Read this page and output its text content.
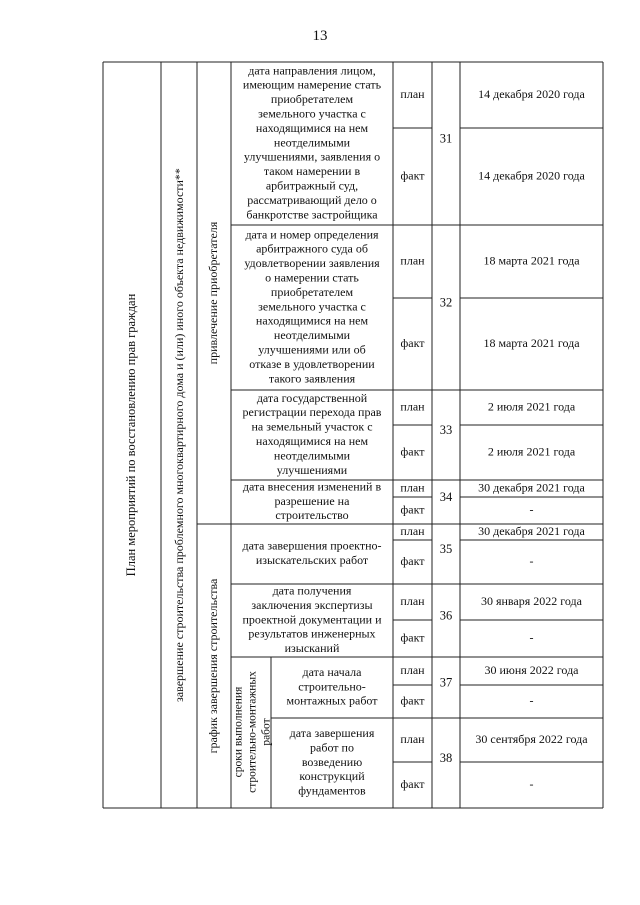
13
План мероприятий по восстановлению прав граждан	завершение строительства проблемного многоквартирного дома и (или) иного объекта недвижимости** привлечение приобретателя
график завершения строительства сроки выполнения строительно-монтажных работ
дата направления лицом,
имеющим намерение стать
приобретателем
земельного участка с
находящимися на нем
неотделимыми
улучшениями, заявления о
таком намерении в
арбитражный суд,
рассматривающий дело о
банкротстве застройщика
план
факт
31
14 декабря 2020 года
14 декабря 2020 года
дата и номер определения
арбитражного суда об
удовлетворении заявления
о намерении стать
приобретателем
земельного участка с
находящимися на нем
неотделимыми
улучшениями или об
отказе в удовлетворении
такого заявления
план
факт
32
18 марта 2021 года
18 марта 2021 года
дата государственной
регистрации перехода прав
на земельный участок с
находящимися на нем
неотделимыми
улучшениями
план
факт
33
2 июля 2021 года
2 июля 2021 года
дата внесения изменений в
разрешение на
строительство
план
факт
34
30 декабря 2021 года
-
дата завершения проектно-
изыскательских работ
план
факт
35
30 декабря 2021 года
-
дата получения
заключения экспертизы
проектной документации и
результатов инженерных
изысканий
план
факт
36
30 января 2022 года
-
дата начала
строительно-
монтажных работ
план
факт
37
30 июня 2022 года
-
дата завершения
работ по
возведению
конструкций
фундаментов
план
факт
38
30 сентября 2022 года
-
